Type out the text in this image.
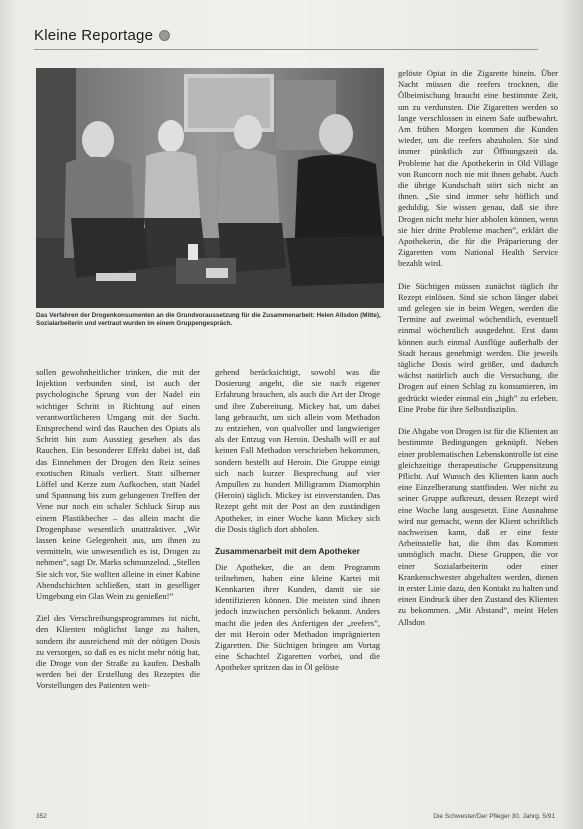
Kleine Reportage
Das Verfahren der Drogenkonsumenten an die Grundvoraussetzung für die Zusammenarbeit: Helen Allsdon (Mitte), Sozialarbeiterin und vertraut wurden im einem Gruppengespräch.

sollen gewohnheitlicher trinken, die mit der Injektion verbunden sind, ist auch der psychologische Sprung von der Nadel ein wichtiger Schritt in Richtung auf einen verantwortlicheren Umgang mit der Sucht. Entsprechend wird das Rauchen des Opiats als Schritt hin zum Ausstieg gesehen als das Rauchen. Ein besonderer Effekt dabei ist, daß das Einnehmen der Drogen den Reiz seines exotischen Rituals verliert. Statt silberner Löffel und Kerze zum Aufkochen, statt Nadel und Spannung bis zum gelungenen Treffen der Vene nur noch ein schaler Schluck Sirup aus einem Plastikbecher – das allein macht die Drogenphase wesentlich unattraktiver. „Wir lassen keine Gelegenheit aus, um ihnen zu vermitteln, wie unwesentlich es ist, Drogen zu nehmen”, sagt Dr. Marks schmunzelnd. „Stellen Sie sich vor, Sie wollten alleine in einer Kabine Abendschichten schließen, statt in geselliger Umgebung ein Glas Wein zu genießen!”

Ziel des Verschreibungsprogrammes ist nicht, den Klienten möglichst lange zu halten, sondern ihr ausreichend mit der nötigen Dosis zu versorgen, so daß es es nicht mehr nötig hat, die Droge von der Straße zu kaufen. Deshalb werden bei der Erstellung des Rezeptes die Vorstellungen des Patienten weit-

gehend berücksichtigt, sowohl was die Dosierung angeht, die sie nach eigener Erfahrung brauchen, als auch die Art der Droge und ihre Zubereitung. Mickey hat, um dabei lang gebraucht, um sich allein vom Methadon zu entziehen, von qualvoller und langwieriger als der Entzug von Heroin. Deshalb will er auf keinen Fall Methadon verschrieben bekommen, sondern bestellt auf Heroin. Die Gruppe einigt sich nach kurzer Besprechung auf vier Ampullen zu hundert Milligramm Diamorphin (Heroin) täglich. Mickey ist einverstanden. Das Rezept geht mit der Post an den zuständigen Apotheker, in einer Woche kann Mickey sich die Dosis täglich dort abholen.

Zusammenarbeit mit dem Apotheker

Die Apotheker, die an dem Programm teilnehmen, haben eine kleine Kartei mit Kennkarten ihrer Kunden, damit sie sie identifizieren können. Die meisten sind ihnen jedoch inzwischen persönlich bekannt. Anders macht die jeden des Anfertigen der „reefers”, der mit Heroin oder Methadon imprägnierten Zigaretten. Die Süchtigen bringen am Vortag eine Schachtel Zigaretten vorbei, und die Apotheker spritzen das in Öl gelöste

gelöste Opiat in die Zigarette hinein. Über Nacht müssen die reefers trocknen, die Ölbeimischung braucht eine bestimmte Zeit, um zu verdunsten. Die Zigaretten werden so lange verschlossen in einem Safe aufbewahrt. Am frühen Morgen kommen die Kunden wieder, um die reefers abzuholen. Sie sind immer pünktlich zur Öffnungszeit da. Probleme hat die Apothekerin in Old Village von Runcorn noch nie mit ihnen gehabt. Auch die übrige Kundschaft stört sich nicht an ihnen. „Sie sind immer sehr höflich und geduldig. Sie wissen genau, daß sie ihre Drogen nicht mehr hier abholen können, wenn sie hier dritte Probleme machen”, erklärt die Apothekerin, die für die Präparierung der Zigaretten vom National Health Service bezahlt wird.

Die Süchtigen müssen zunächst täglich ihr Rezept einlösen. Sind sie schon länger dabei und gelegen sie in beim Wegen, werden die Termine auf zweimal wöchentlich, eventuell einmal wöchentlich ausgedehnt. Erst dann können auch einmal Ausflüge außerhalb der Stadt heraus genehmigt werden. Die jeweils tägliche Dosis wird größer, und dadurch wächst natürlich auch die Versuchung, die Drogen auf einen Schlag zu konsumieren, im gedrückt wieder einmal ein „high” zu erleben. Eine Probe für ihre Selbstdisziplin.

Die Abgabe von Drogen ist für die Klienten an bestimmte Bedingungen geknüpft. Neben einer problematischen Lebenskontrolle ist eine gleichzeitige therapeutische Gruppensitzung Pflicht. Auf Wunsch des Klienten kann auch eine Einzelberatung stattfinden. Wer nicht zu seiner Gruppe aufkreuzt, dessen Rezept wird eine Woche lang ausgesetzt. Eine Ausnahme wird nur gemacht, wenn der Klient schriftlich nachweisen kann, daß er eine feste Arbeitsstelle hat, die ihm das Kommen unmöglich macht. Diese Gruppen, die vor einer Sozialarbeiterin oder einer Krankenschwester abgehalten werden, dienen in erster Linie dazu, den Kontakt zu halten und einen Eindruck über den Zustand des Klienten zu bekommen. „Mit Abstand”, meint Helen Allsdon

352	Die Schwester/Der Pfleger 30. Jahrg. 5/91
